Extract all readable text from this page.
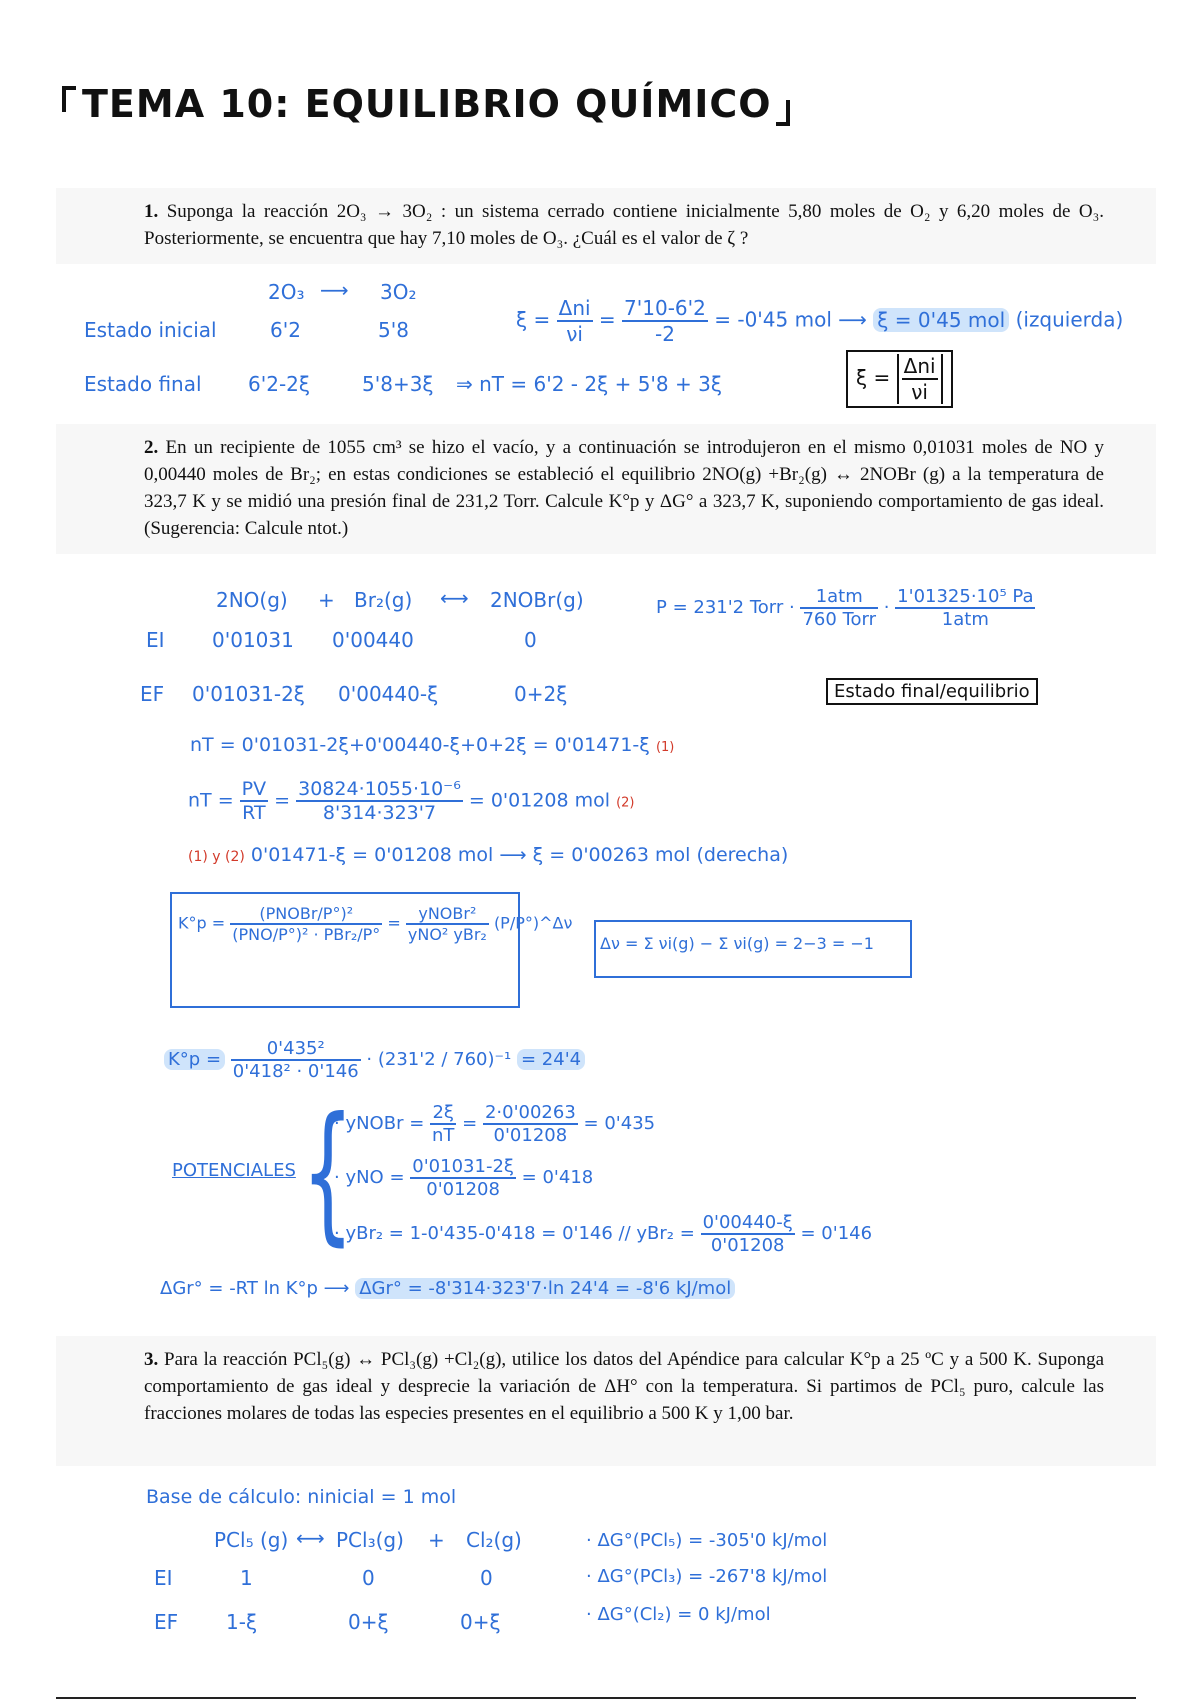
TEMA 10: EQUILIBRIO QUÍMICO
1. Suponga la reacción 2O₃ → 3O₂ : un sistema cerrado contiene inicialmente 5,80 moles de O₂ y 6,20 moles de O₃. Posteriormente, se encuentra que hay 7,10 moles de O₃. ¿Cuál es el valor de ζ ?
2O₃ ⟶ 3O₂
Estado inicial	6'2	5'8
Estado final 6'2-2ξ	5'8+3ξ ⇒ nT = 6'2 - 2ξ + 5'8 + 3ξ
$\xi = \frac{\text{Δni}}{\nu i} = \frac{7'10-6'2}{-2} = -0'45$ mol ⟶ ξ = 0'45 mol (izquierda)
$\xi = \frac{\text{Δni}}{\nu i}$
2. En un recipiente de 1055 cm³ se hizo el vacío, y a continuación se introdujeron en el mismo 0,01031 moles de NO y 0,00440 moles de Br₂; en estas condiciones se estableció el equilibrio 2NO(g) +Br₂(g) ↔ 2NOBr (g) a la temperatura de 323,7 K y se midió una presión final de 231,2 Torr. Calcule K°p y ΔG° a 323,7 K, suponiendo comportamiento de gas ideal. (Sugerencia: Calcule ntot.)
2NO(g) + Br₂(g) ⟷ 2NOBr(g)
EI 0'01031 0'00440	0
EF 0'01031-2ξ 0'00440-ξ	0+2ξ
P = 231'2 Torr · $\frac{\text{1atm}}{\text{760 Torr}} \cdot \frac{\text{1'01325·10⁵ Pa}}{\text{1atm}}$
Estado final/equilibrio
nT = 0'01031-2ξ+0'00440-ξ+0+2ξ = 0'01471-ξ (1)
nT = $\frac{PV}{RT} = \frac{\text{30824·1055·10⁻⁶}}{8'314\cdot 323'7} = 0'01208$ mol (2)
(1) y (2) 0'01471-ξ = 0'01208 mol ⟶ ξ = 0'00263 mol (derecha)
$K^\circ p = \frac{\text{(PNOBr/P°)²}}{\text{(PNO/P°)² · PBr₂/P°}} = \frac{\text{yNOBr²}}{\text{yNO² yBr₂}}$ (P/P°)^Δν
Δν = Σ νi(g) − Σ νi(g) = 2−3 = −1
$K^\circ p = \frac{\text{0'435²}}{\text{0'418² · 0'146}} \cdot (231'2 / 760)^{-1} = 24'4$
POTENCIALES {
· yNOBr = $\frac{2\xi}{nT} = \frac{2\cdot 0'00263}{0'01208} = 0'435$
· yNO = $\frac{0'01031-2\xi}{0'01208} = 0'418$
· $yBr_2 = 1-0'435-0'418 = 0'146 // yBr_2 = \frac{0'00440-\xi}{0'01208} = 0'146$
ΔGr° = -RT ln K°p ⟶ ΔGr° = -8'314·323'7·ln 24'4 = -8'6 kJ/mol
3. Para la reacción PCl₅(g) ↔ PCl₃(g) +Cl₂(g), utilice los datos del Apéndice para calcular K°p a 25 ºC y a 500 K. Suponga comportamiento de gas ideal y desprecie la variación de ΔH° con la temperatura. Si partimos de PCl₅ puro, calcule las fracciones molares de todas las especies presentes en el equilibrio a 500 K y 1,00 bar.
Base de cálculo: ninicial = 1 mol
PCl₅ (g) ⟷ PCl₃(g) + Cl₂(g)
EI	1	0	0
EF 1-ξ	0+ξ	0+ξ
· ΔG°(PCl₅) = -305'0 kJ/mol
· ΔG°(PCl₃) = -267'8 kJ/mol
· ΔG°(Cl₂) = 0 kJ/mol
